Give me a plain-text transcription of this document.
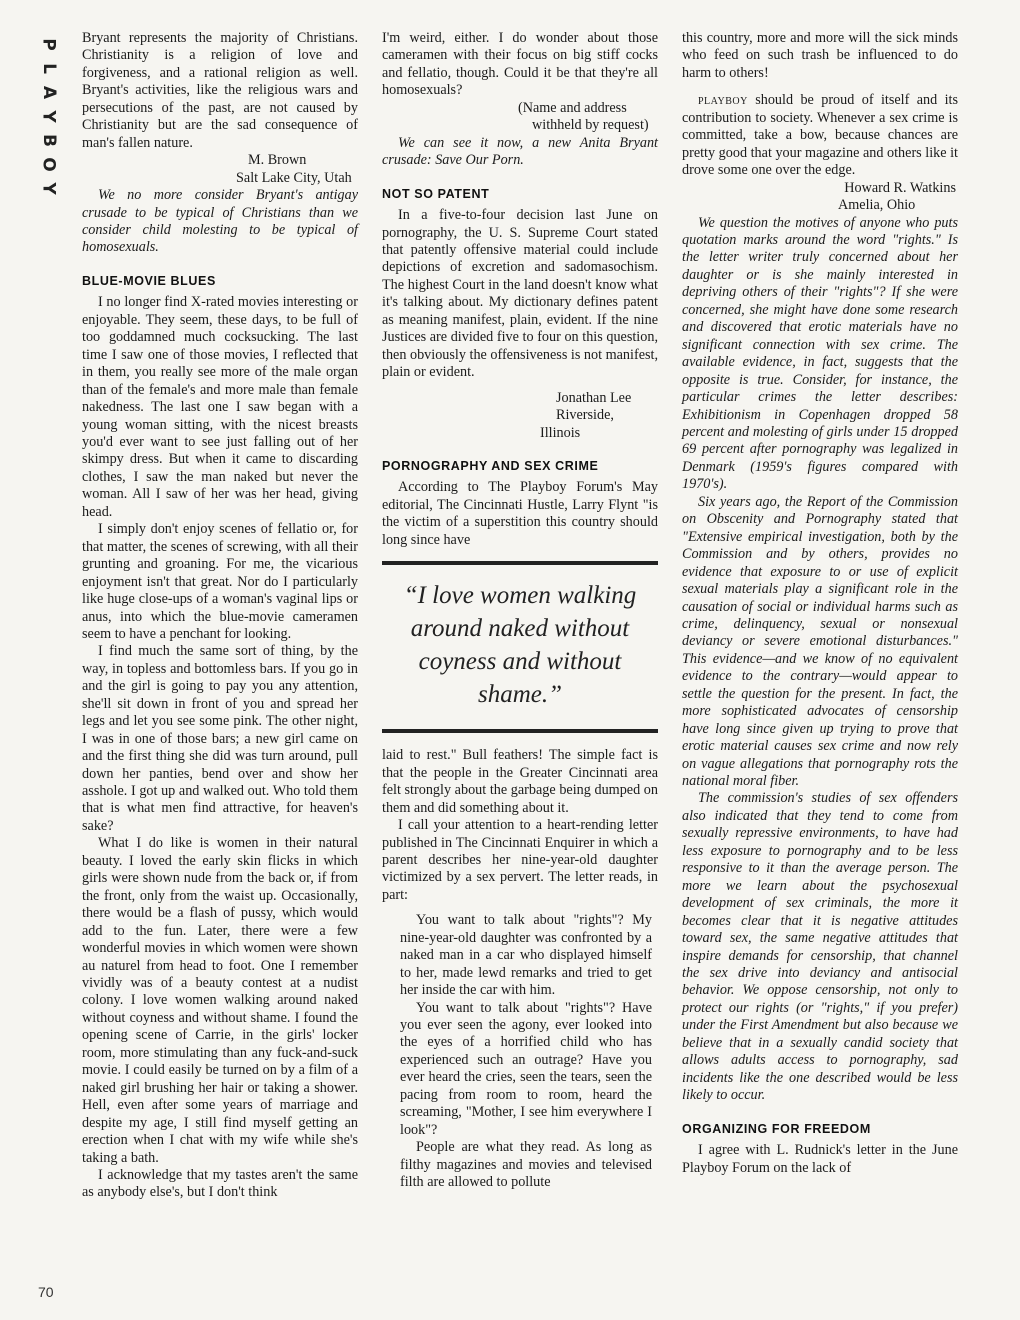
P
L
A
Y
B
O
Y
70

Bryant represents the majority of Christians. Christianity is a religion of love and forgiveness, and a rational religion as well. Bryant's activities, like the religious wars and persecutions of the past, are not caused by Christianity but are the sad consequence of man's fallen nature.

M. Brown

Salt Lake City, Utah

We no more consider Bryant's antigay crusade to be typical of Christians than we consider child molesting to be typical of homosexuals.

BLUE-MOVIE BLUES

I no longer find X-rated movies interesting or enjoyable. They seem, these days, to be full of too goddamned much cocksucking. The last time I saw one of those movies, I reflected that in them, you really see more of the male organ than of the female's and more male than female nakedness. The last one I saw began with a young woman sitting, with the nicest breasts you'd ever want to see just falling out of her skimpy dress. But when it came to discarding clothes, I saw the man naked but never the woman. All I saw of her was her head, giving head.

I simply don't enjoy scenes of fellatio or, for that matter, the scenes of screwing, with all their grunting and groaning. For me, the vicarious enjoyment isn't that great. Nor do I particularly like huge close-ups of a woman's vaginal lips or anus, into which the blue-movie cameramen seem to have a penchant for looking.

I find much the same sort of thing, by the way, in topless and bottomless bars. If you go in and the girl is going to pay you any attention, she'll sit down in front of you and spread her legs and let you see some pink. The other night, I was in one of those bars; a new girl came on and the first thing she did was turn around, pull down her panties, bend over and show her asshole. I got up and walked out. Who told them that is what men find attractive, for heaven's sake?

What I do like is women in their natural beauty. I loved the early skin flicks in which girls were shown nude from the back or, if from the front, only from the waist up. Occasionally, there would be a flash of pussy, which would add to the fun. Later, there were a few wonderful movies in which women were shown au naturel from head to foot. One I remember vividly was of a beauty contest at a nudist colony. I love women walking around naked without coyness and without shame. I found the opening scene of Carrie, in the girls' locker room, more stimulating than any fuck-and-suck movie. I could easily be turned on by a film of a naked girl brushing her hair or taking a shower. Hell, even after some years of marriage and despite my age, I still find myself getting an erection when I chat with my wife while she's taking a bath.

I acknowledge that my tastes aren't the same as anybody else's, but I don't think

I'm weird, either. I do wonder about those cameramen with their focus on big stiff cocks and fellatio, though. Could it be that they're all homosexuals?

(Name and address

withheld by request)

We can see it now, a new Anita Bryant crusade: Save Our Porn.

NOT SO PATENT

In a five-to-four decision last June on pornography, the U. S. Supreme Court stated that patently offensive material could include depictions of excretion and sadomasochism. The highest Court in the land doesn't know what it's talking about. My dictionary defines patent as meaning manifest, plain, evident. If the nine Justices are divided five to four on this question, then obviously the offensiveness is not manifest, plain or evident.

Jonathan Lee

Riverside, Illinois

PORNOGRAPHY AND SEX CRIME

According to The Playboy Forum's May editorial, The Cincinnati Hustle, Larry Flynt "is the victim of a superstition this country should long since have

“I love women walking around naked without coyness and without shame.”

laid to rest." Bull feathers! The simple fact is that the people in the Greater Cincinnati area felt strongly about the garbage being dumped on them and did something about it.

I call your attention to a heart-rending letter published in The Cincinnati Enquirer in which a parent describes her nine-year-old daughter victimized by a sex pervert. The letter reads, in part:

You want to talk about "rights"? My nine-year-old daughter was confronted by a naked man in a car who displayed himself to her, made lewd remarks and tried to get her inside the car with him.

You want to talk about "rights"? Have you ever seen the agony, ever looked into the eyes of a horrified child who has experienced such an outrage? Have you ever heard the cries, seen the tears, seen the pacing from room to room, heard the screaming, "Mother, I see him everywhere I look"?

People are what they read. As long as filthy magazines and movies and televised filth are allowed to pollute

this country, more and more will the sick minds who feed on such trash be influenced to do harm to others!

playboy should be proud of itself and its contribution to society. Whenever a sex crime is committed, take a bow, because chances are pretty good that your magazine and others like it drove some one over the edge.

Howard R. Watkins

Amelia, Ohio

We question the motives of anyone who puts quotation marks around the word "rights." Is the letter writer truly concerned about her daughter or is she mainly interested in depriving others of their "rights"? If she were concerned, she might have done some research and discovered that erotic materials have no significant connection with sex crime. The available evidence, in fact, suggests that the opposite is true. Consider, for instance, the particular crimes the letter describes: Exhibitionism in Copenhagen dropped 58 percent and molesting of girls under 15 dropped 69 percent after pornography was legalized in Denmark (1959's figures compared with 1970's).

Six years ago, the Report of the Commission on Obscenity and Pornography stated that "Extensive empirical investigation, both by the Commission and by others, provides no evidence that exposure to or use of explicit sexual materials play a significant role in the causation of social or individual harms such as crime, delinquency, sexual or nonsexual deviancy or severe emotional disturbances." This evidence—and we know of no equivalent evidence to the contrary—would appear to settle the question for the present. In fact, the more sophisticated advocates of censorship have long since given up trying to prove that erotic material causes sex crime and now rely on vague allegations that pornography rots the national moral fiber.

The commission's studies of sex offenders also indicated that they tend to come from sexually repressive environments, to have had less exposure to pornography and to be less responsive to it than the average person. The more we learn about the psychosexual development of sex criminals, the more it becomes clear that it is negative attitudes toward sex, the same negative attitudes that inspire demands for censorship, that channel the sex drive into deviancy and antisocial behavior. We oppose censorship, not only to protect our rights (or "rights," if you prefer) under the First Amendment but also because we believe that in a sexually candid society that allows adults access to pornography, sad incidents like the one described would be less likely to occur.

ORGANIZING FOR FREEDOM

I agree with L. Rudnick's letter in the June Playboy Forum on the lack of
